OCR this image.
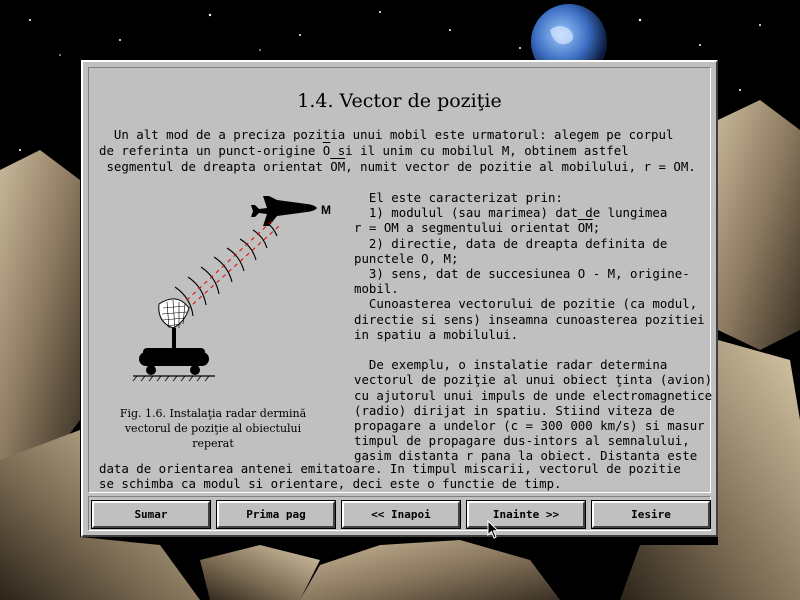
1.4. Vector de poziţie
Un alt mod de a preciza pozitia unui mobil este urmatorul: alegem pe corpul
de referinta un punct-origine $\overline{O}$ si il unim cu mobilul M, obtinem astfel
segmentul de dreapta orientat $\overline{OM}$, numit vector de pozitie al mobilului, r = OM.
M
Fig. 1.6. Instalaţia radar dermină
vectorul de poziţie al obiectului
reperat
El este caracterizat prin:
1) modulul (sau marimea) dat de lungimea
r = OM a segmentului orientat $\overline{OM}$;
2) directie, data de dreapta definita de
punctele O, M;
3) sens, dat de succesiunea O - M, origine-
mobil.
Cunoasterea vectorului de pozitie (ca modul,
directie si sens) inseamna cunoasterea pozitiei
in spatiu a mobilului.
De exemplu, o instalatie radar determina
vectorul de poziţie al unui obiect ţinta (avion)
cu ajutorul unui impuls de unde electromagnetice
(radio) dirijat in spatiu. Stiind viteza de
propagare a undelor (c = 300 000 km/s) si masur
timpul de propagare dus-intors al semnalului,
gasim distanta r pana la obiect. Distanta este
data de orientarea antenei emitatoare. In timpul miscarii, vectorul de pozitie
se schimba ca modul si orientare, deci este o functie de timp.
Sumar	Prima pag	<< Inapoi	Inainte >>	Iesire
